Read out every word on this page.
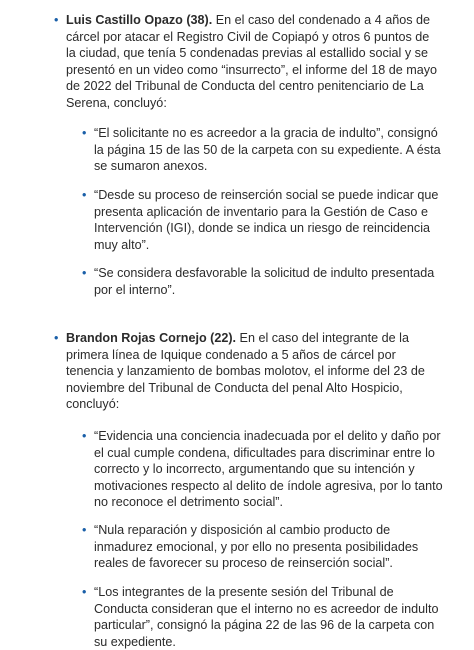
• Luis Castillo Opazo (38). En el caso del condenado a 4 años de cárcel por atacar el Registro Civil de Copiapó y otros 6 puntos de la ciudad, que tenía 5 condenadas previas al estallido social y se presentó en un video como “insurrecto”, el informe del 18 de mayo de 2022 del Tribunal de Conducta del centro penitenciario de La Serena, concluyó:
• “El solicitante no es acreedor a la gracia de indulto”, consignó la página 15 de las 50 de la carpeta con su expediente. A ésta se sumaron anexos.
• “Desde su proceso de reinserción social se puede indicar que presenta aplicación de inventario para la Gestión de Caso e Intervención (IGI), donde se indica un riesgo de reincidencia muy alto”.
• “Se considera desfavorable la solicitud de indulto presentada por el interno”.
• Brandon Rojas Cornejo (22). En el caso del integrante de la primera línea de Iquique condenado a 5 años de cárcel por tenencia y lanzamiento de bombas molotov, el informe del 23 de noviembre del Tribunal de Conducta del penal Alto Hospicio, concluyó:
• “Evidencia una conciencia inadecuada por el delito y daño por el cual cumple condena, dificultades para discriminar entre lo correcto y lo incorrecto, argumentando que su intención y motivaciones respecto al delito de índole agresiva, por lo tanto no reconoce el detrimento social”.
• “Nula reparación y disposición al cambio producto de inmadurez emocional, y por ello no presenta posibilidades reales de favorecer su proceso de reinserción social”.
• “Los integrantes de la presente sesión del Tribunal de Conducta consideran que el interno no es acreedor de indulto particular”, consignó la página 22 de las 96 de la carpeta con su expediente.
